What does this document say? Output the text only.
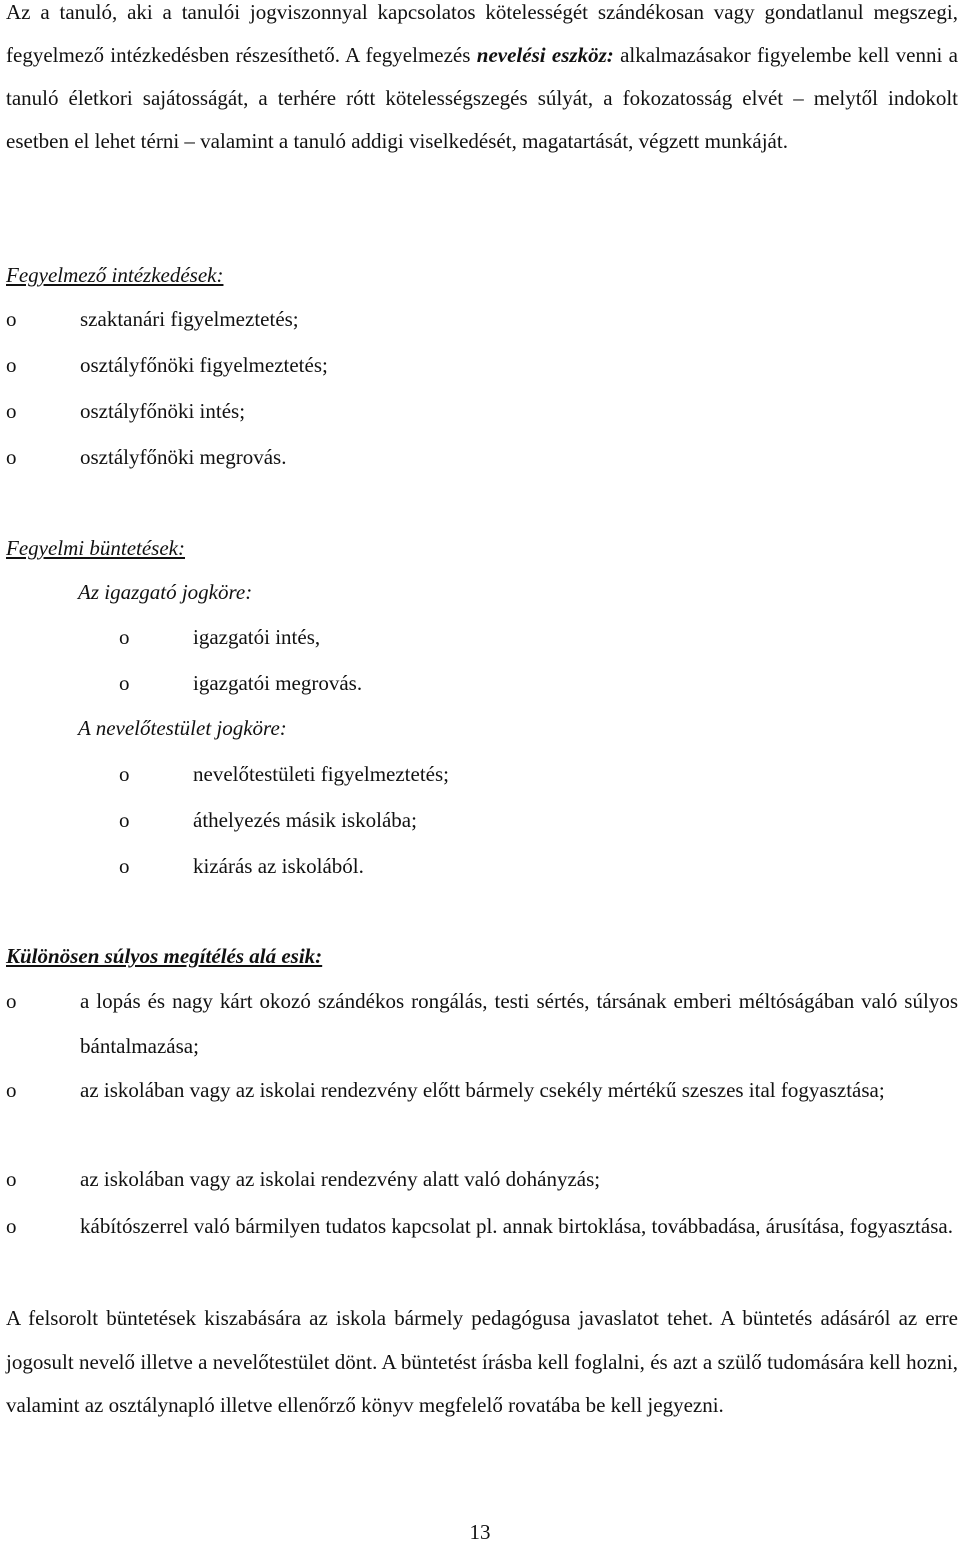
Az a tanuló, aki a tanulói jogviszonnyal kapcsolatos kötelességét szándékosan vagy gondatlanul megszegi, fegyelmező intézkedésben részesíthető. A fegyelmezés nevelési eszköz: alkalmazásakor figyelembe kell venni a tanuló életkori sajátosságát, a terhére rótt kötelességszegés súlyát, a fokozatosság elvét – melytől indokolt esetben el lehet térni – valamint a tanuló addigi viselkedését, magatartását, végzett munkáját.

Fegyelmező intézkedések:
o	szaktanári figyelmeztetés;
o	osztályfőnöki figyelmeztetés;
o	osztályfőnöki intés;
o	osztályfőnöki megrovás.
Fegyelmi büntetések:
Az igazgató jogköre:
o	igazgatói intés,
o	igazgatói megrovás.
A nevelőtestület jogköre:
o	nevelőtestületi figyelmeztetés;
o	áthelyezés másik iskolába;
o	kizárás az iskolából.
Különösen súlyos megítélés alá esik:
o	a lopás és nagy kárt okozó szándékos rongálás, testi sértés, társának emberi méltóságában való súlyos bántalmazása;

o	az iskolában vagy az iskolai rendezvény előtt bármely csekély mértékű szeszes ital fogyasztása;

o	az iskolában vagy az iskolai rendezvény alatt való dohányzás;

o	kábítószerrel való bármilyen tudatos kapcsolat pl. annak birtoklása, továbbadása, árusítása, fogyasztása.

A felsorolt büntetések kiszabására az iskola bármely pedagógusa javaslatot tehet. A büntetés adásáról az erre jogosult nevelő illetve a nevelőtestület dönt. A büntetést írásba kell foglalni, és azt a szülő tudomására kell hozni, valamint az osztálynapló illetve ellenőrző könyv megfelelő rovatába be kell jegyezni.

13
